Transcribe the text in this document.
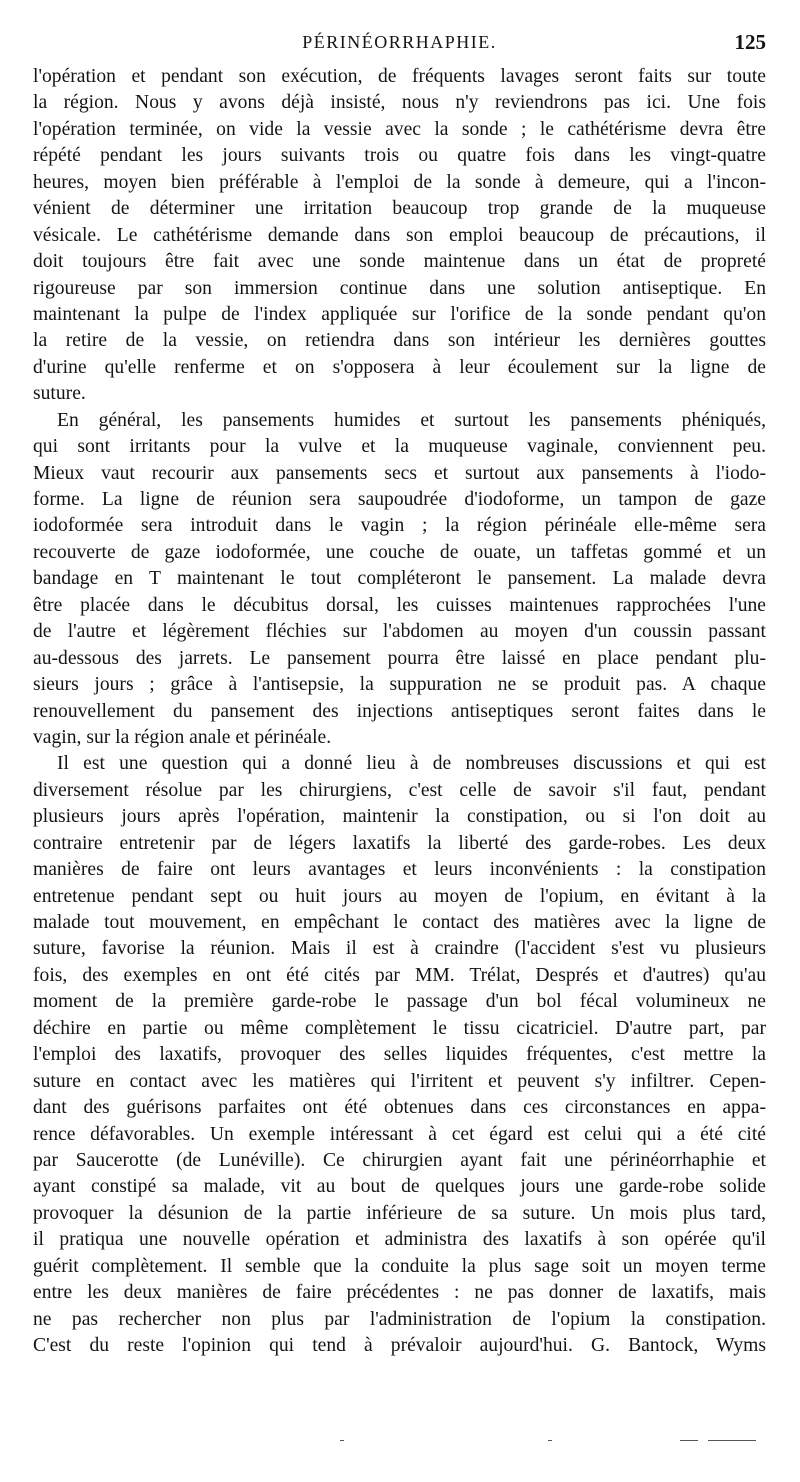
PÉRINÉORRHAPHIE.	125
l'opération et pendant son exécution, de fréquents lavages seront faits sur toute
la région. Nous y avons déjà insisté, nous n'y reviendrons pas ici. Une fois
l'opération terminée, on vide la vessie avec la sonde ; le cathétérisme devra être
répété pendant les jours suivants trois ou quatre fois dans les vingt-quatre
heures, moyen bien préférable à l'emploi de la sonde à demeure, qui a l'incon-
vénient de déterminer une irritation beaucoup trop grande de la muqueuse
vésicale. Le cathétérisme demande dans son emploi beaucoup de précautions, il
doit toujours être fait avec une sonde maintenue dans un état de propreté
rigoureuse par son immersion continue dans une solution antiseptique. En
maintenant la pulpe de l'index appliquée sur l'orifice de la sonde pendant qu'on
la retire de la vessie, on retiendra dans son intérieur les dernières gouttes
d'urine qu'elle renferme et on s'opposera à leur écoulement sur la ligne de
suture.
En général, les pansements humides et surtout les pansements phéniqués,
qui sont irritants pour la vulve et la muqueuse vaginale, conviennent peu.
Mieux vaut recourir aux pansements secs et surtout aux pansements à l'iodo-
forme. La ligne de réunion sera saupoudrée d'iodoforme, un tampon de gaze
iodoformée sera introduit dans le vagin ; la région périnéale elle-même sera
recouverte de gaze iodoformée, une couche de ouate, un taffetas gommé et un
bandage en T maintenant le tout compléteront le pansement. La malade devra
être placée dans le décubitus dorsal, les cuisses maintenues rapprochées l'une
de l'autre et légèrement fléchies sur l'abdomen au moyen d'un coussin passant
au-dessous des jarrets. Le pansement pourra être laissé en place pendant plu-
sieurs jours ; grâce à l'antisepsie, la suppuration ne se produit pas. A chaque
renouvellement du pansement des injections antiseptiques seront faites dans le
vagin, sur la région anale et périnéale.
Il est une question qui a donné lieu à de nombreuses discussions et qui est
diversement résolue par les chirurgiens, c'est celle de savoir s'il faut, pendant
plusieurs jours après l'opération, maintenir la constipation, ou si l'on doit au
contraire entretenir par de légers laxatifs la liberté des garde-robes. Les deux
manières de faire ont leurs avantages et leurs inconvénients : la constipation
entretenue pendant sept ou huit jours au moyen de l'opium, en évitant à la
malade tout mouvement, en empêchant le contact des matières avec la ligne de
suture, favorise la réunion. Mais il est à craindre (l'accident s'est vu plusieurs
fois, des exemples en ont été cités par MM. Trélat, Després et d'autres) qu'au
moment de la première garde-robe le passage d'un bol fécal volumineux ne
déchire en partie ou même complètement le tissu cicatriciel. D'autre part, par
l'emploi des laxatifs, provoquer des selles liquides fréquentes, c'est mettre la
suture en contact avec les matières qui l'irritent et peuvent s'y infiltrer. Cepen-
dant des guérisons parfaites ont été obtenues dans ces circonstances en appa-
rence défavorables. Un exemple intéressant à cet égard est celui qui a été cité
par Saucerotte (de Lunéville). Ce chirurgien ayant fait une périnéorrhaphie et
ayant constipé sa malade, vit au bout de quelques jours une garde-robe solide
provoquer la désunion de la partie inférieure de sa suture. Un mois plus tard,
il pratiqua une nouvelle opération et administra des laxatifs à son opérée qu'il
guérit complètement. Il semble que la conduite la plus sage soit un moyen terme
entre les deux manières de faire précédentes : ne pas donner de laxatifs, mais
ne pas rechercher non plus par l'administration de l'opium la constipation.
C'est du reste l'opinion qui tend à prévaloir aujourd'hui. G. Bantock, Wyms
